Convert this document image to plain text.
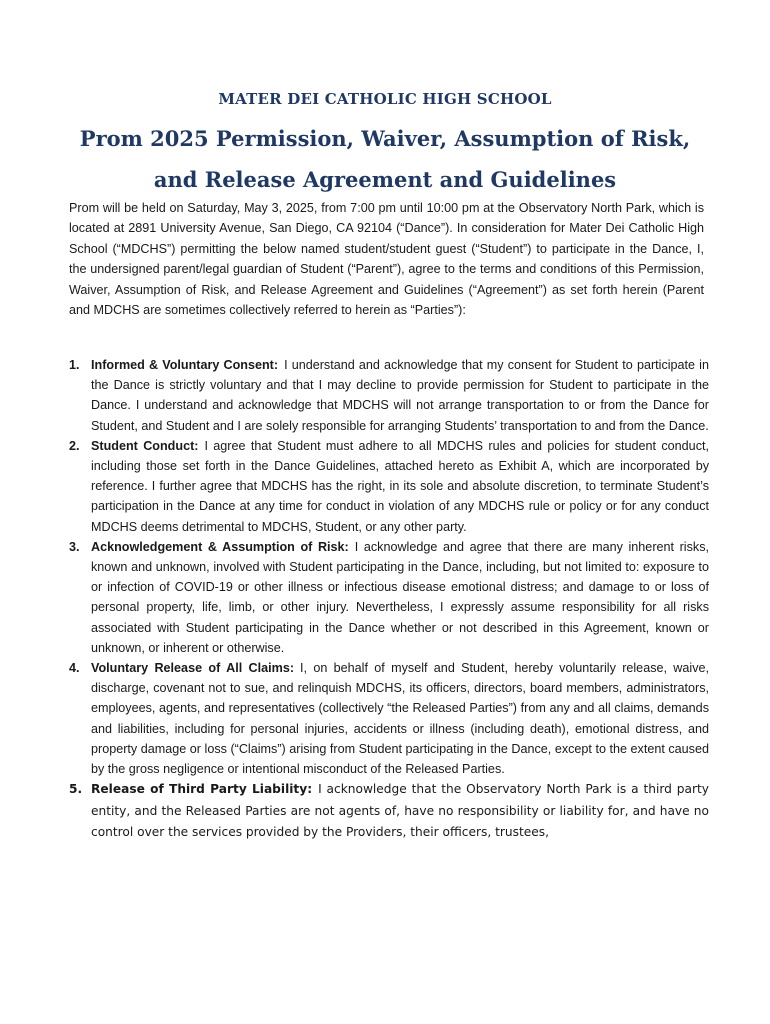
MATER DEI CATHOLIC HIGH SCHOOL
Prom 2025 Permission, Waiver, Assumption of Risk,
and Release Agreement and Guidelines

Prom will be held on Saturday, May 3, 2025, from 7:00 pm until 10:00 pm at the Observatory North Park, which is located at 2891 University Avenue, San Diego, CA 92104 (“Dance”). In consideration for Mater Dei Catholic High School (“MDCHS”) permitting the below named student/student guest (“Student”) to participate in the Dance, I, the undersigned parent/legal guardian of Student (“Parent”), agree to the terms and conditions of this Permission, Waiver, Assumption of Risk, and Release Agreement and Guidelines (“Agreement”) as set forth herein (Parent and MDCHS are sometimes collectively referred to herein as “Parties”):

1. Informed & Voluntary Consent: I understand and acknowledge that my consent for Student to participate in the Dance is strictly voluntary and that I may decline to provide permission for Student to participate in the Dance. I understand and acknowledge that MDCHS will not arrange transportation to or from the Dance for Student, and Student and I are solely responsible for arranging Students’ transportation to and from the Dance.
2. Student Conduct: I agree that Student must adhere to all MDCHS rules and policies for student conduct, including those set forth in the Dance Guidelines, attached hereto as Exhibit A, which are incorporated by reference. I further agree that MDCHS has the right, in its sole and absolute discretion, to terminate Student’s participation in the Dance at any time for conduct in violation of any MDCHS rule or policy or for any conduct MDCHS deems detrimental to MDCHS, Student, or any other party.
3. Acknowledgement & Assumption of Risk: I acknowledge and agree that there are many inherent risks, known and unknown, involved with Student participating in the Dance, including, but not limited to: exposure to or infection of COVID-19 or other illness or infectious disease emotional distress; and damage to or loss of personal property, life, limb, or other injury. Nevertheless, I expressly assume responsibility for all risks associated with Student participating in the Dance whether or not described in this Agreement, known or unknown, or inherent or otherwise.
4. Voluntary Release of All Claims: I, on behalf of myself and Student, hereby voluntarily release, waive, discharge, covenant not to sue, and relinquish MDCHS, its officers, directors, board members, administrators, employees, agents, and representatives (collectively “the Released Parties”) from any and all claims, demands and liabilities, including for personal injuries, accidents or illness (including death), emotional distress, and property damage or loss (“Claims”) arising from Student participating in the Dance, except to the extent caused by the gross negligence or intentional misconduct of the Released Parties.
5. Release of Third Party Liability: I acknowledge that the Observatory North Park is a third party entity, and the Released Parties are not agents of, have no responsibility or liability for, and have no control over the services provided by the Providers, their officers, trustees,
